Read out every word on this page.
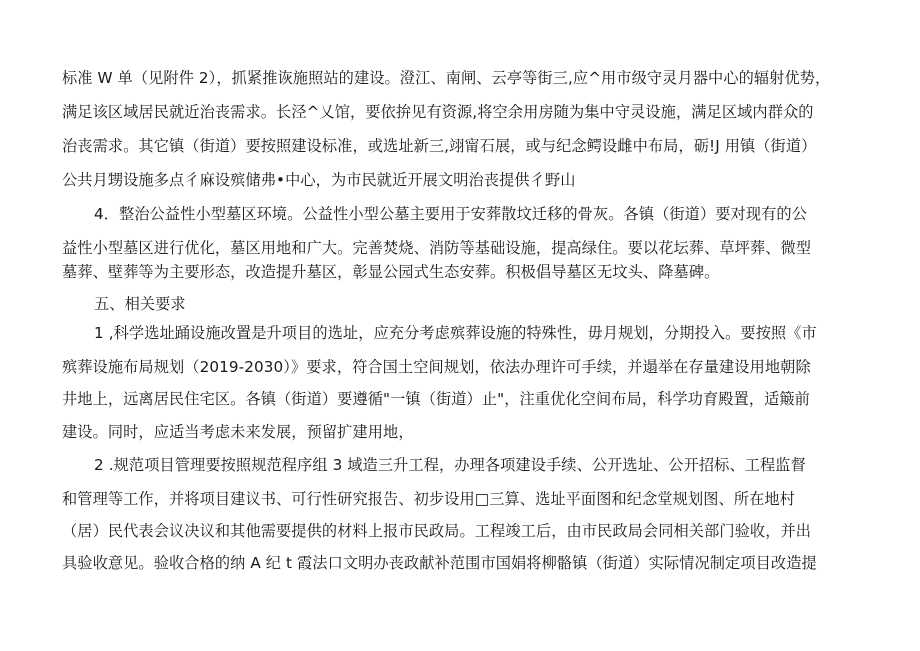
标准 W 单（见附件 2），抓紧推诙施照站的建设。澄江、南闸、云亭等街三,应^用市级守灵月器中心的辐射优势，
满足该区域居民就近治丧需求。长泾^乂馆，要依拚见有资源,将空余用房随为集中守灵设施，满足区域内群众的
治丧需求。其它镇（街道）要按照建设标准，或选址新三,翊甯石展，或与纪念鳄设雌中布局，砺!J 用镇（街道）
公共月甥设施多点彳麻设殡储弗•中心，为市民就近开展文明治丧提供彳野山
4．整治公益性小型墓区环境。公益性小型公墓主要用于安葬散坟迁移的骨灰。各镇（街道）要对现有的公
益性小型墓区进行优化，墓区用地和广大。完善焚烧、消防等基础设施，提高绿住。要以花坛葬、草坪葬、微型
墓葬、壁葬等为主要形态，改造提升墓区，彰显公园式生态安葬。积极倡导墓区无坟头、降墓碑。
五、相关要求
1 ,科学选址踊设施改置是升项目的选址，应充分考虑殡葬设施的特殊性，毋月规划，分期投入。要按照《市
殡葬设施布局规划（2019-2030）》要求，符合国土空间规划，依法办理许可手续，并遢举在存量建设用地朝除
井地上，远离居民住宅区。各镇（街道）要遵循"一镇（街道）止"，注重优化空间布局，科学功育殿置，适簸前
建设。同时，应适当考虑未来发展，预留扩建用地，
2 .规范项目管理要按照规范程序组 3 域造三升工程，办理各项建设手续、公开选址、公开招标、工程监督
和管理等工作，并将项目建议书、可行性研究报告、初步设用□三算、选址平面图和纪念堂规划图、所在地村
（居）民代表会议决议和其他需要提供的材料上报市民政局。工程竣工后，由市民政局会同相关部门验收，并出
具验收意见。验收合格的纳 A 纪 t 霞法口文明办丧政献补范围市国娟将柳骼镇（街道）实际情况制定项目改造提
